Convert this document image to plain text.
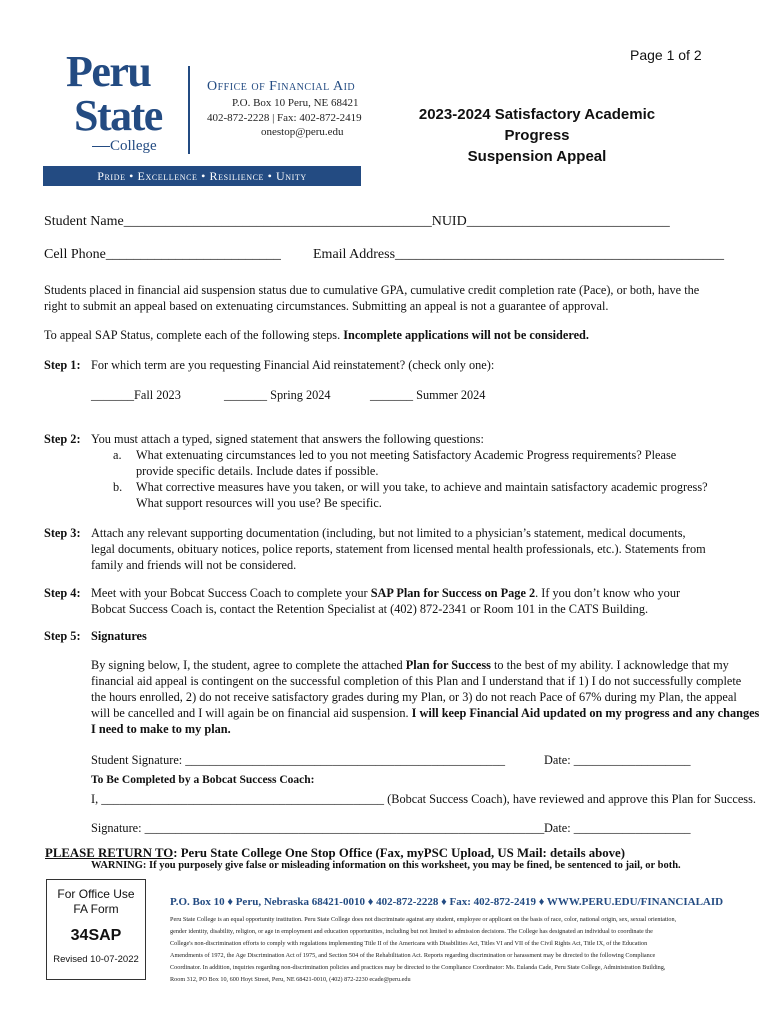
Peru
State
College
Office of Financial Aid
P.O. Box 10 Peru, NE 68421
402-872-2228 | Fax: 402-872-2419
onestop@peru.edu
Page 1 of 2
2023-2024 Satisfactory Academic Progress
Suspension Appeal
Pride • Excellence • Resilience • Unity
Student Name____________________________________________NUID_____________________________
Cell Phone_________________________ Email Address_______________________________________________
Students placed in financial aid suspension status due to cumulative GPA, cumulative credit completion rate (Pace), or both, have the
right to submit an appeal based on extenuating circumstances. Submitting an appeal is not a guarantee of approval.
To appeal SAP Status, complete each of the following steps. Incomplete applications will not be considered.
Step 1: For which term are you requesting Financial Aid reinstatement? (check only one):
_______Fall 2023	_______ Spring 2024	_______ Summer 2024
Step 2: You must attach a typed, signed statement that answers the following questions:
a. What extenuating circumstances led to you not meeting Satisfactory Academic Progress requirements? Please
provide specific details. Include dates if possible.
b. What corrective measures have you taken, or will you take, to achieve and maintain satisfactory academic progress?
What support resources will you use? Be specific.
Step 3: Attach any relevant supporting documentation (including, but not limited to a physician’s statement, medical documents,
legal documents, obituary notices, police reports, statement from licensed mental health professionals, etc.). Statements from
family and friends will not be considered.
Step 4: Meet with your Bobcat Success Coach to complete your SAP Plan for Success on Page 2. If you don’t know who your
Bobcat Success Coach is, contact the Retention Specialist at (402) 872-2341 or Room 101 in the CATS Building.
Step 5: Signatures
By signing below, I, the student, agree to complete the attached Plan for Success to the best of my ability. I acknowledge that my
financial aid appeal is contingent on the successful completion of this Plan and I understand that if 1) I do not successfully complete
the hours enrolled, 2) do not receive satisfactory grades during my Plan, or 3) do not reach Pace of 67% during my Plan, the appeal
will be cancelled and I will again be on financial aid suspension. I will keep Financial Aid updated on my progress and any changes
I need to make to my plan.
Student Signature: ____________________________________________________	Date: ___________________
To Be Completed by a Bobcat Success Coach:
I, ______________________________________________ (Bobcat Success Coach), have reviewed and approve this Plan for Success.
Signature: _________________________________________________________________ Date: ___________________
PLEASE RETURN TO: Peru State College One Stop Office (Fax, myPSC Upload, US Mail: details above)
WARNING: If you purposely give false or misleading information on this worksheet, you may be fined, be sentenced to jail, or both.
For Office Use
FA Form
34SAP
Revised 10-07-2022
P.O. Box 10 ♦ Peru, Nebraska 68421-0010 ♦ 402-872-2228 ♦ Fax: 402-872-2419 ♦ WWW.PERU.EDU/FINANCIALAID
Peru State College is an equal opportunity institution. Peru State College does not discriminate against any student, employee or applicant on the basis of race, color, national origin, sex, sexual orientation,
gender identity, disability, religion, or age in employment and education opportunities, including but not limited to admission decisions. The College has designated an individual to coordinate the
College's non-discrimination efforts to comply with regulations implementing Title II of the Americans with Disabilities Act, Titles VI and VII of the Civil Rights Act, Title IX, of the Education
Amendments of 1972, the Age Discrimination Act of 1975, and Section 504 of the Rehabilitation Act. Reports regarding discrimination or harassment may be directed to the following Compliance
Coordinator. In addition, inquiries regarding non-discrimination policies and practices may be directed to the Compliance Coordinator: Ms. Eulanda Cade, Peru State College, Administration Building,
Room 312, PO Box 10, 600 Hoyt Street, Peru, NE 68421-0010, (402) 872-2230 ecade@peru.edu
